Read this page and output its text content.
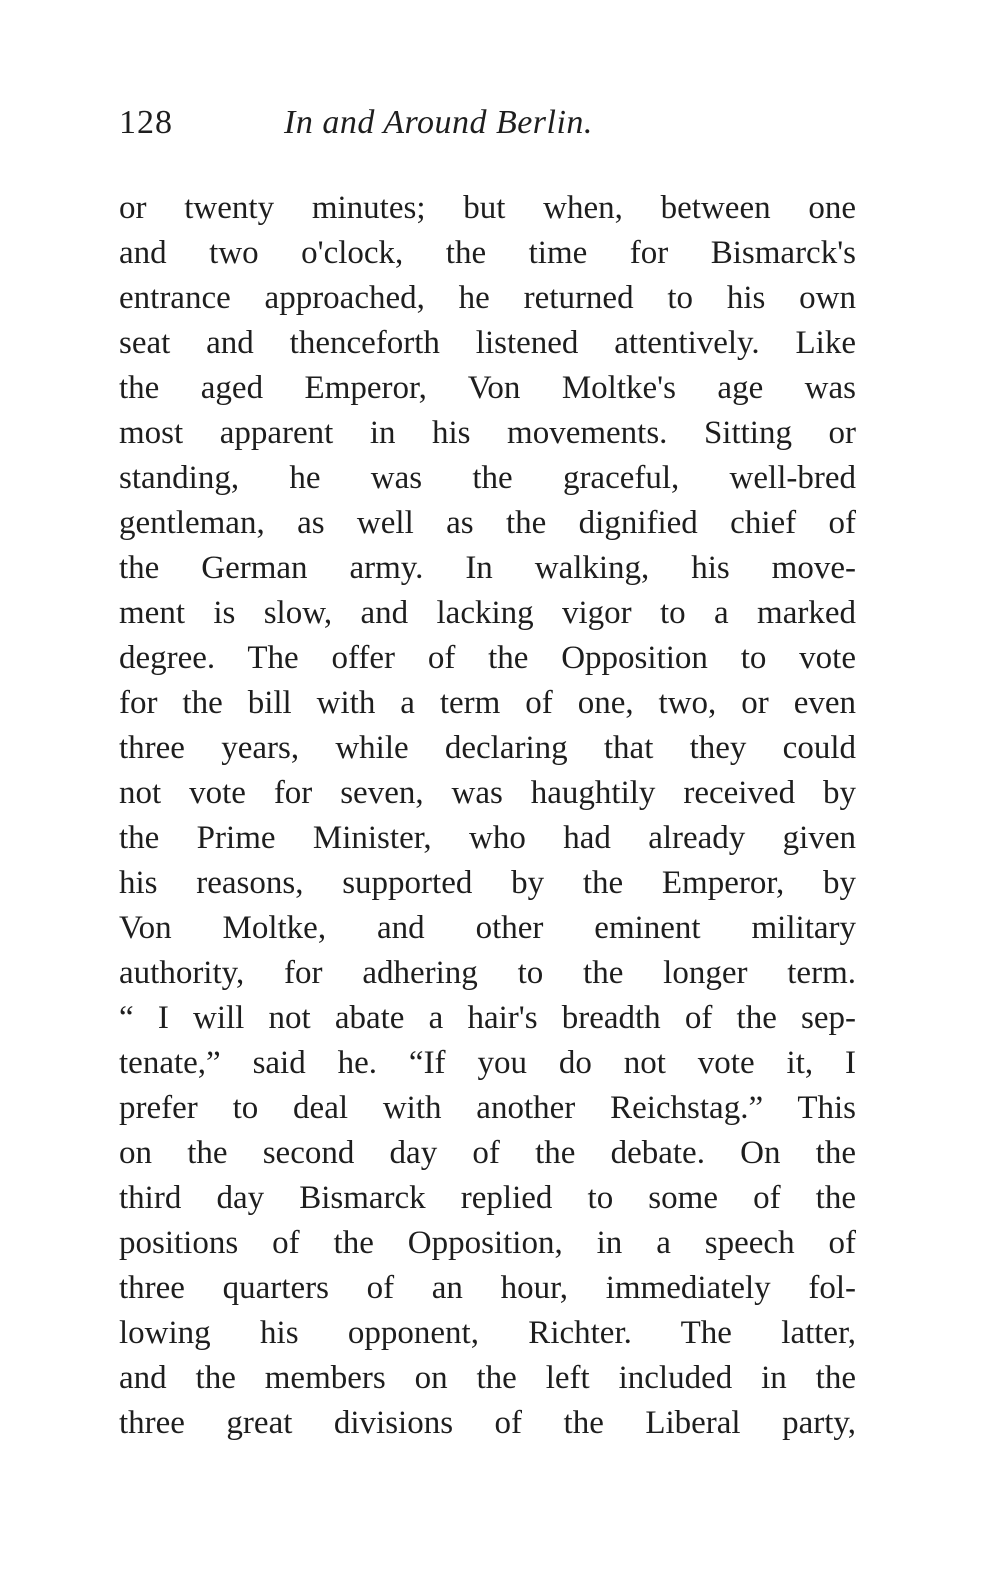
128	In and Around Berlin.
or twenty minutes; but when, between one
and two o'clock, the time for Bismarck's
entrance approached, he returned to his own
seat and thenceforth listened attentively. Like
the aged Emperor, Von Moltke's age was
most apparent in his movements. Sitting or
standing, he was the graceful, well-bred
gentleman, as well as the dignified chief of
the German army. In walking, his move-
ment is slow, and lacking vigor to a marked
degree. The offer of the Opposition to vote
for the bill with a term of one, two, or even
three years, while declaring that they could
not vote for seven, was haughtily received by
the Prime Minister, who had already given
his reasons, supported by the Emperor, by
Von Moltke, and other eminent military
authority, for adhering to the longer term.
“ I will not abate a hair's breadth of the sep-
tenate,” said he. “If you do not vote it, I
prefer to deal with another Reichstag.” This
on the second day of the debate. On the
third day Bismarck replied to some of the
positions of the Opposition, in a speech of
three quarters of an hour, immediately fol-
lowing his opponent, Richter. The latter,
and the members on the left included in the
three great divisions of the Liberal party,
